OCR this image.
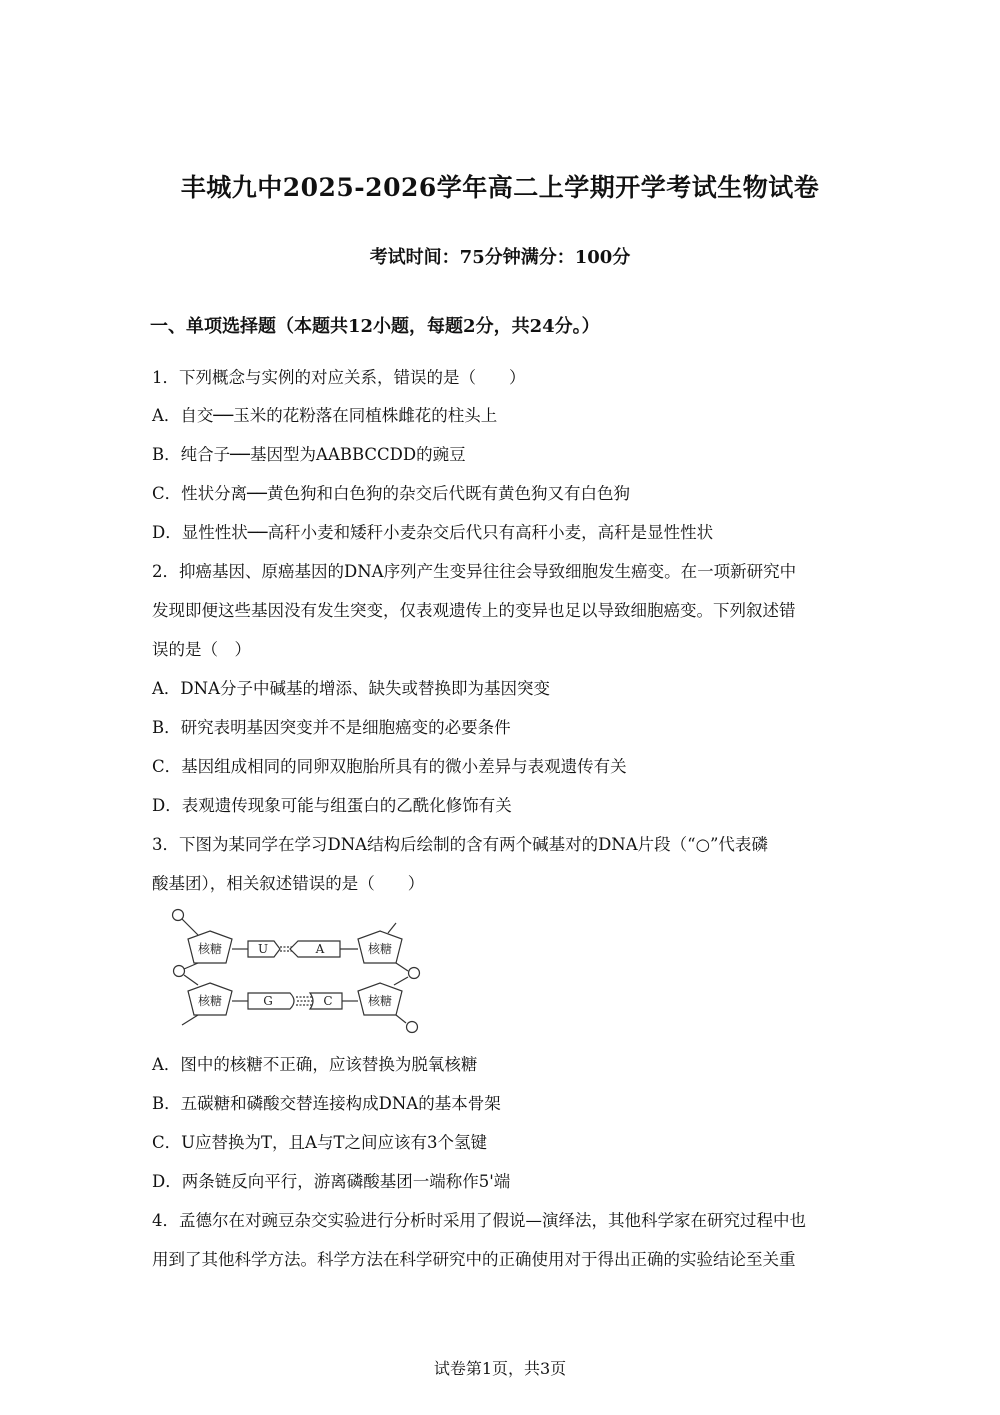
丰城九中2025-2026学年高二上学期开学考试生物试卷
考试时间：75分钟满分：100分
一、单项选择题（本题共12小题，每题2分，共24分。）
1．下列概念与实例的对应关系，错误的是（　　）
A．自交──玉米的花粉落在同植株雌花的柱头上
B．纯合子──基因型为AABBCCDD的豌豆
C．性状分离──黄色狗和白色狗的杂交后代既有黄色狗又有白色狗
D．显性性状──高秆小麦和矮秆小麦杂交后代只有高秆小麦，高秆是显性性状
2．抑癌基因、原癌基因的DNA序列产生变异往往会导致细胞发生癌变。在一项新研究中
发现即便这些基因没有发生突变，仅表观遗传上的变异也足以导致细胞癌变。下列叙述错
误的是（　）
A．DNA分子中碱基的增添、缺失或替换即为基因突变
B．研究表明基因突变并不是细胞癌变的必要条件
C．基因组成相同的同卵双胞胎所具有的微小差异与表观遗传有关
D．表观遗传现象可能与组蛋白的乙酰化修饰有关
3．下图为某同学在学习DNA结构后绘制的含有两个碱基对的DNA片段（“○”代表磷
酸基团），相关叙述错误的是（　　）
核糖
核糖
核糖
核糖
U	A
G	C
A．图中的核糖不正确，应该替换为脱氧核糖
B．五碳糖和磷酸交替连接构成DNA的基本骨架
C．U应替换为T，且A与T之间应该有3个氢键
D．两条链反向平行，游离磷酸基团一端称作5'端
4．孟德尔在对豌豆杂交实验进行分析时采用了假说—演绎法，其他科学家在研究过程中也
用到了其他科学方法。科学方法在科学研究中的正确使用对于得出正确的实验结论至关重
试卷第1页，共3页
